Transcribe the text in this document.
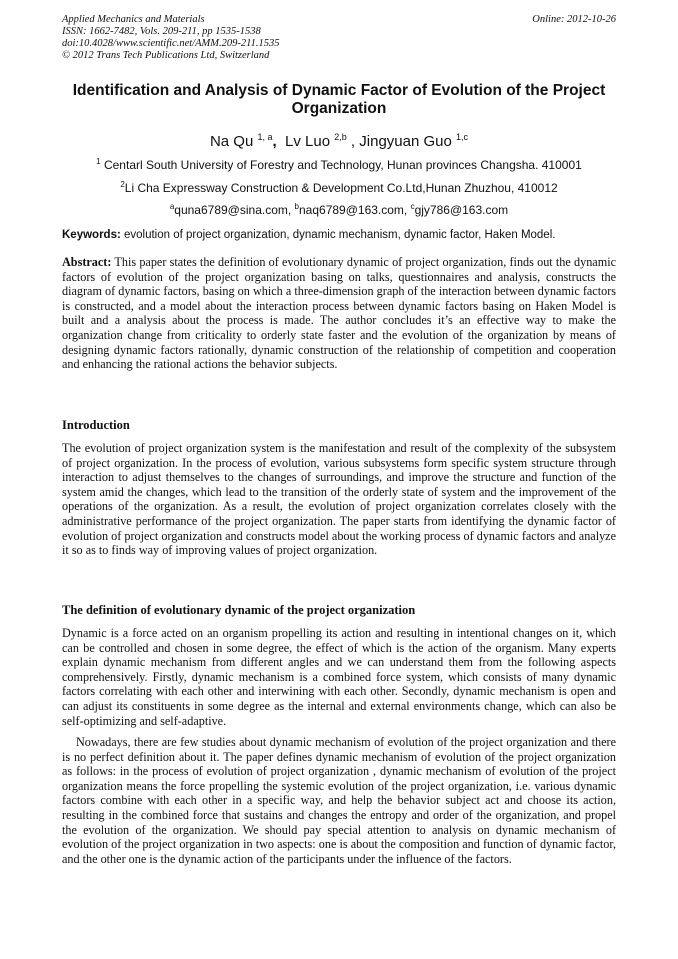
Applied Mechanics and Materials
ISSN: 1662-7482, Vols. 209-211, pp 1535-1538
doi:10.4028/www.scientific.net/AMM.209-211.1535
© 2012 Trans Tech Publications Ltd, Switzerland
Online: 2012-10-26
Identification and Analysis of Dynamic Factor of Evolution of the Project Organization
Na Qu $^{1, a}$, Lv Luo $^{2,b}$ , Jingyuan Guo $^{1,c}$
$^1$ Centarl South University of Forestry and Technology, Hunan provinces Changsha. 410001
$^2$Li Cha Expressway Construction & Development Co.Ltd,Hunan Zhuzhou, 410012
$^a$quna6789@sina.com, $^b$naq6789@163.com, $^c$gjy786@163.com
Keywords: evolution of project organization, dynamic mechanism, dynamic factor, Haken Model.
Abstract: This paper states the definition of evolutionary dynamic of project organization, finds out the dynamic factors of evolution of the project organization basing on talks, questionnaires and analysis, constructs the diagram of dynamic factors, basing on which a three-dimension graph of the interaction between dynamic factors is constructed, and a model about the interaction process between dynamic factors basing on Haken Model is built and a analysis about the process is made. The author concludes it’s an effective way to make the organization change from criticality to orderly state faster and the evolution of the organization by means of designing dynamic factors rationally, dynamic construction of the relationship of competition and cooperation and enhancing the rational actions the behavior subjects.
Introduction
The evolution of project organization system is the manifestation and result of the complexity of the subsystem of project organization. In the process of evolution, various subsystems form specific system structure through interaction to adjust themselves to the changes of surroundings, and improve the structure and function of the system amid the changes, which lead to the transition of the orderly state of system and the improvement of the operations of the organization. As a result, the evolution of project organization correlates closely with the administrative performance of the project organization. The paper starts from identifying the dynamic factor of evolution of project organization and constructs model about the working process of dynamic factors and analyze it so as to finds way of improving values of project organization.
The definition of evolutionary dynamic of the project organization
Dynamic is a force acted on an organism propelling its action and resulting in intentional changes on it, which can be controlled and chosen in some degree, the effect of which is the action of the organism. Many experts explain dynamic mechanism from different angles and we can understand them from the following aspects comprehensively. Firstly, dynamic mechanism is a combined force system, which consists of many dynamic factors correlating with each other and interwining with each other. Secondly, dynamic mechanism is open and can adjust its constituents in some degree as the internal and external environments change, which can also be self-optimizing and self-adaptive.
Nowadays, there are few studies about dynamic mechanism of evolution of the project organization and there is no perfect definition about it. The paper defines dynamic mechanism of evolution of the project organization as follows: in the process of evolution of project organization , dynamic mechanism of evolution of the project organization means the force propelling the systemic evolution of the project organization, i.e. various dynamic factors combine with each other in a specific way, and help the behavior subject act and choose its action, resulting in the combined force that sustains and changes the entropy and order of the organization, and propel the evolution of the organization. We should pay special attention to analysis on dynamic mechanism of evolution of the project organization in two aspects: one is about the composition and function of dynamic factor, and the other one is the dynamic action of the participants under the influence of the factors.
